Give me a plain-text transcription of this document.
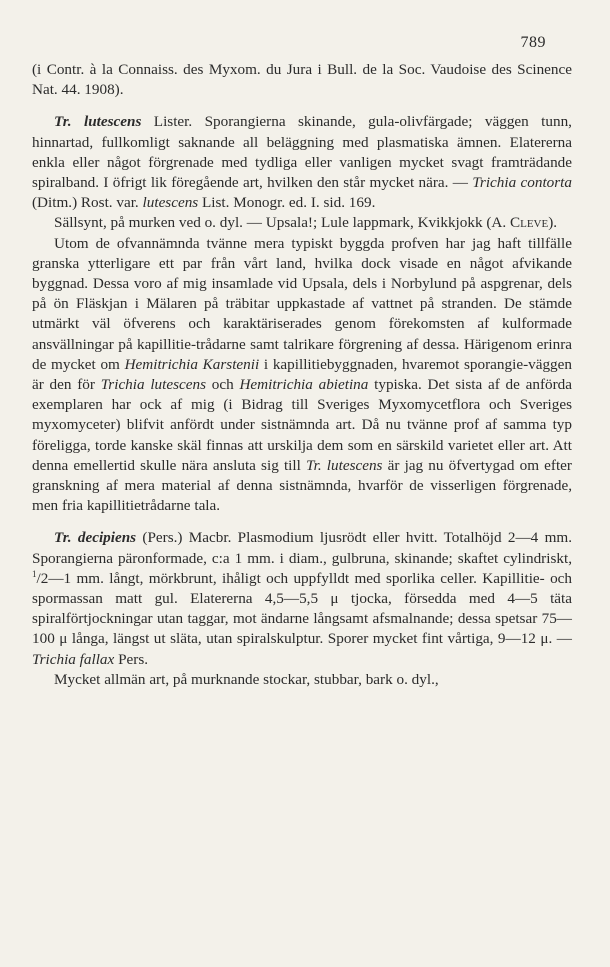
789

(i Contr. à la Connaiss. des Myxom. du Jura i Bull. de la Soc. Vaudoise des Scinence Nat. 44. 1908).

Tr. lutescens Lister. Sporangierna skinande, gula-olivfärgade; väggen tunn, hinnartad, fullkomligt saknande all beläggning med plasmatiska ämnen. Elatererna enkla eller något förgrenade med tydliga eller vanligen mycket svagt framträdande spiralband. I öfrigt lik föregående art, hvilken den står mycket nära. — Trichia contorta (Ditm.) Rost. var. lutescens List. Monogr. ed. I. sid. 169.

Sällsynt, på murken ved o. dyl. — Upsala!; Lule lappmark, Kvikkjokk (A. Cleve).

Utom de ofvannämnda tvänne mera typiskt byggda profven har jag haft tillfälle granska ytterligare ett par från vårt land, hvilka dock visade en något afvikande byggnad. Dessa voro af mig insamlade vid Upsala, dels i Norbylund på aspgrenar, dels på ön Fläskjan i Mälaren på träbitar uppkastade af vattnet på stranden. De stämde utmärkt väl öfverens och karaktäriserades genom förekomsten af kulformade ansvällningar på kapillitie-trådarne samt talrikare förgrening af dessa. Härigenom erinra de mycket om Hemitrichia Karstenii i kapillitiebyggnaden, hvaremot sporangie-väggen är den för Trichia lutescens och Hemitrichia abietina typiska. Det sista af de anförda exemplaren har ock af mig (i Bidrag till Sveriges Myxomycetflora och Sveriges myxomyceter) blifvit anfördt under sistnämnda art. Då nu tvänne prof af samma typ föreligga, torde kanske skäl finnas att urskilja dem som en särskild varietet eller art. Att denna emellertid skulle nära ansluta sig till Tr. lutescens är jag nu öfvertygad om efter granskning af mera material af denna sistnämnda, hvarför de visserligen förgrenade, men fria kapillitietrådarne tala.

Tr. decipiens (Pers.) Macbr. Plasmodium ljusrödt eller hvitt. Totalhöjd 2—4 mm. Sporangierna päronformade, c:a 1 mm. i diam., gulbruna, skinande; skaftet cylindriskt, $^1$/2—1 mm. långt, mörkbrunt, ihåligt och uppfylldt med sporlika celler. Kapillitie- och spormassan matt gul. Elatererna 4,5—5,5 μ tjocka, försedda med 4—5 täta spiralförtjockningar utan taggar, mot ändarne långsamt afsmalnande; dessa spetsar 75—100 μ långa, längst ut släta, utan spiralskulptur. Sporer mycket fint vårtiga, 9—12 μ. — Trichia fallax Pers.

Mycket allmän art, på murknande stockar, stubbar, bark o. dyl.,
